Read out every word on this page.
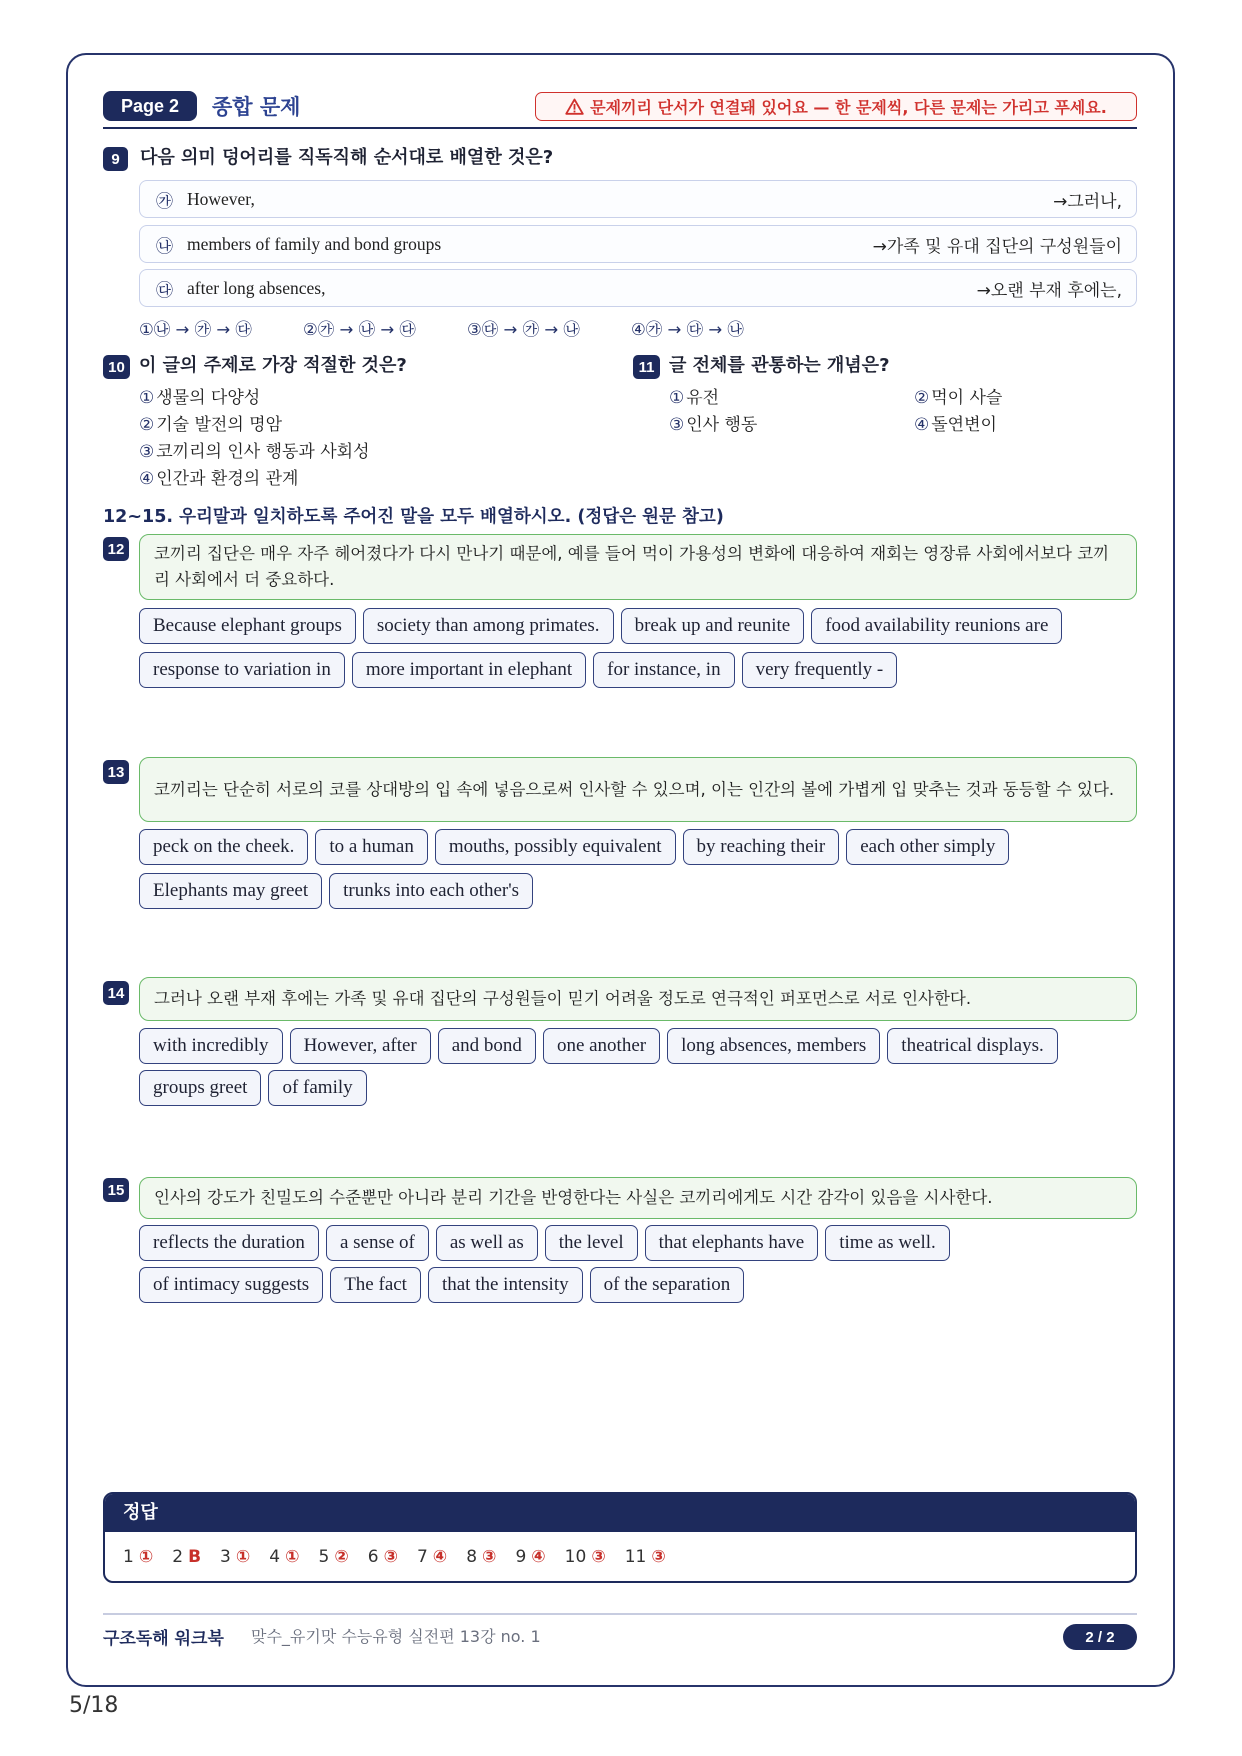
Page 2	종합 문제	문제끼리 단서가 연결돼 있어요 — 한 문제씩, 다른 문제는 가리고 푸세요.
9	다음 의미 덩어리를 직독직해 순서대로 배열한 것은?
㉮ However,	→그러나,
㉯ members of family and bond groups	→가족 및 유대 집단의 구성원들이
㉰ after long absences,	→오랜 부재 후에는,
①㉯ → ㉮ → ㉰	②㉮ → ㉯ → ㉰	③㉰ → ㉮ → ㉯	④㉮ → ㉰ → ㉯
10 이 글의 주제로 가장 적절한 것은?
① 생물의 다양성
② 기술 발전의 명암
③ 코끼리의 인사 행동과 사회성
④ 인간과 환경의 관계
11 글 전체를 관통하는 개념은?
① 유전	② 먹이 사슬
③ 인사 행동	④ 돌연변이
12~15. 우리말과 일치하도록 주어진 말을 모두 배열하시오. (정답은 원문 참고)
12	코끼리 집단은 매우 자주 헤어졌다가 다시 만나기 때문에, 예를 들어 먹이 가용성의 변화에 대응하여 재회는 영장류 사회에서보다 코끼리 사회에서 더 중요하다.
Because elephant groups	society than among primates.	break up and reunite	food availability reunions are
response to variation in	more important in elephant	for instance, in	very frequently -
13
코끼리는 단순히 서로의 코를 상대방의 입 속에 넣음으로써 인사할 수 있으며, 이는 인간의 볼에 가볍게 입 맞추는 것과 동등할 수 있다.
peck on the cheek.	to a human	mouths, possibly equivalent	by reaching their	each other simply
Elephants may greet	trunks into each other's
14	그러나 오랜 부재 후에는 가족 및 유대 집단의 구성원들이 믿기 어려울 정도로 연극적인 퍼포먼스로 서로 인사한다.
with incredibly	However, after	and bond	one another	long absences, members	theatrical displays.
groups greet	of family
15	인사의 강도가 친밀도의 수준뿐만 아니라 분리 기간을 반영한다는 사실은 코끼리에게도 시간 감각이 있음을 시사한다.
reflects the duration	a sense of	as well as	the level	that elephants have	time as well.
of intimacy suggests	The fact	that the intensity	of the separation
정답
1 ① 2 B 3 ① 4 ① 5 ② 6 ③ 7 ④ 8 ③ 9 ④ 10 ③ 11 ③
구조독해 워크북 맞수_유기맛 수능유형 실전편 13강 no. 1	2 / 2
5/18
